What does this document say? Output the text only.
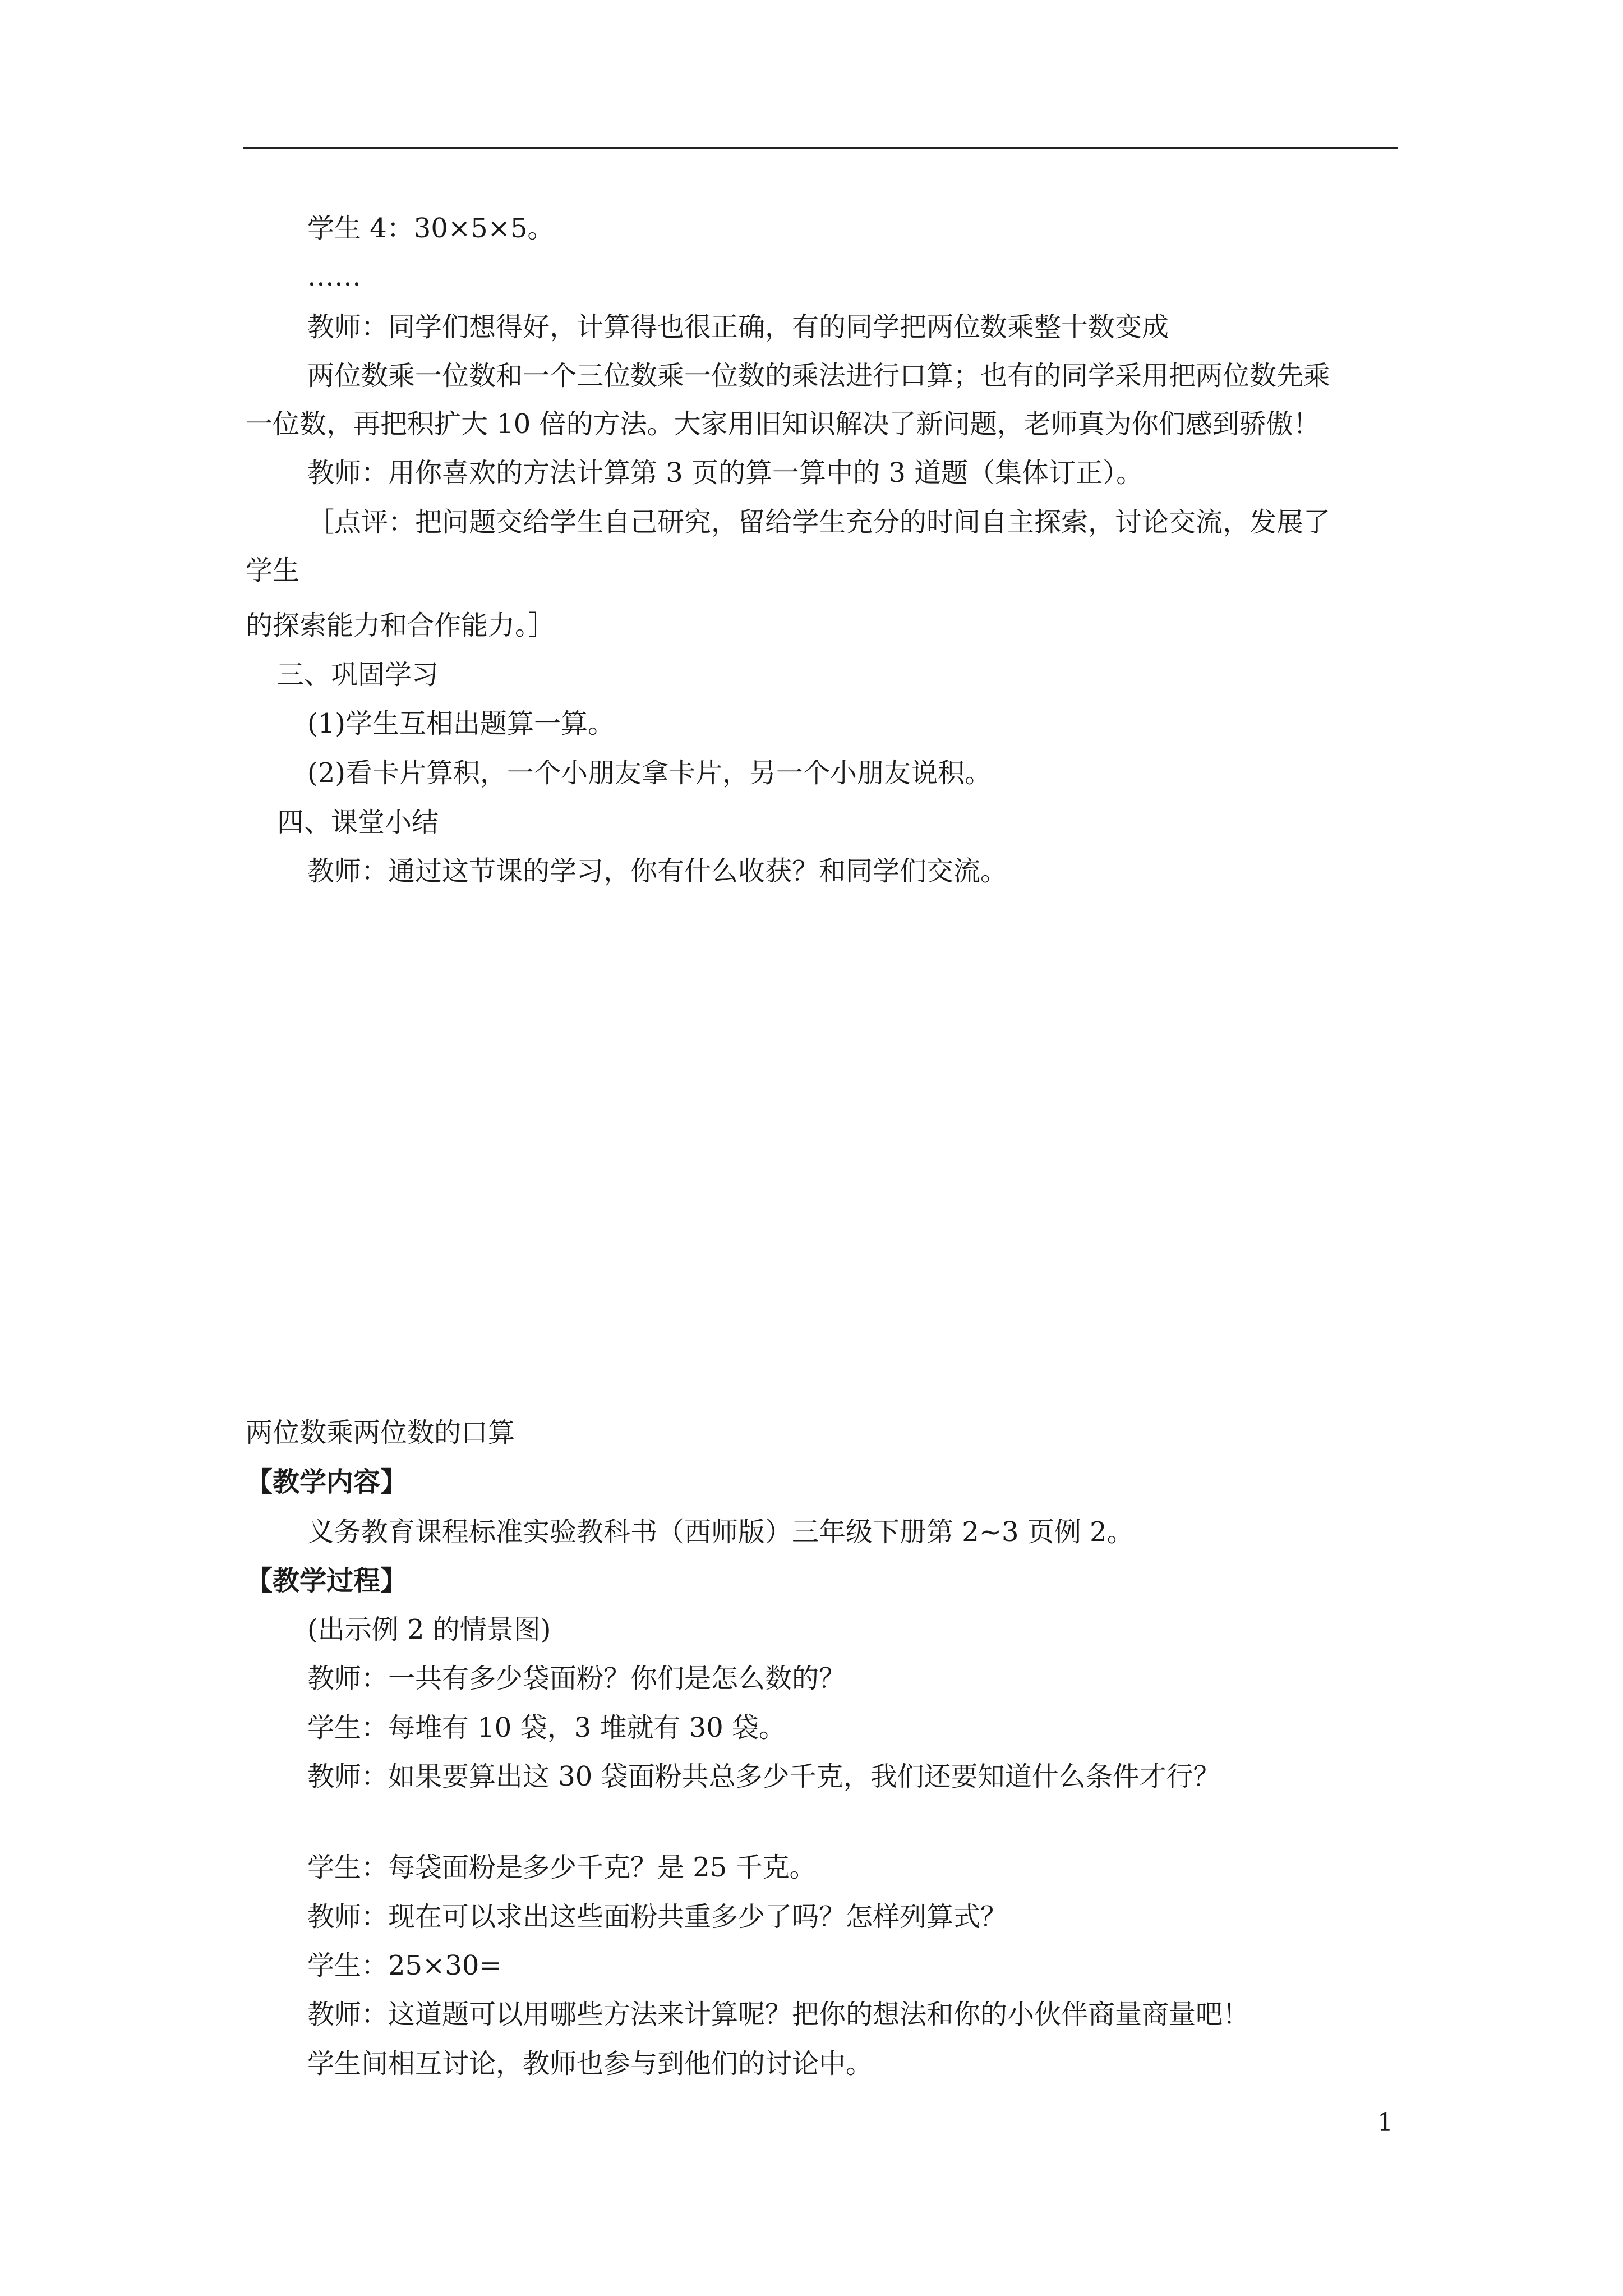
学生 4：30×5×5。
……
教师：同学们想得好，计算得也很正确，有的同学把两位数乘整十数变成
两位数乘一位数和一个三位数乘一位数的乘法进行口算；也有的同学采用把两位数先乘
一位数，再把积扩大 10 倍的方法。大家用旧知识解决了新问题，老师真为你们感到骄傲！
教师：用你喜欢的方法计算第 3 页的算一算中的 3 道题（集体订正）。
［点评：把问题交给学生自己研究，留给学生充分的时间自主探索，讨论交流，发展了
学生
的探索能力和合作能力。］
三、巩固学习
(1)学生互相出题算一算。
(2)看卡片算积，一个小朋友拿卡片，另一个小朋友说积。
四、课堂小结
教师：通过这节课的学习，你有什么收获？和同学们交流。
两位数乘两位数的口算
【教学内容】
义务教育课程标准实验教科书（西师版）三年级下册第 2~3 页例 2。
【教学过程】
(出示例 2 的情景图)
教师：一共有多少袋面粉？你们是怎么数的？
学生：每堆有 10 袋，3 堆就有 30 袋。
教师：如果要算出这 30 袋面粉共总多少千克，我们还要知道什么条件才行？
学生：每袋面粉是多少千克？是 25 千克。
教师：现在可以求出这些面粉共重多少了吗？怎样列算式？
学生：25×30=
教师：这道题可以用哪些方法来计算呢？把你的想法和你的小伙伴商量商量吧！
学生间相互讨论，教师也参与到他们的讨论中。
1
